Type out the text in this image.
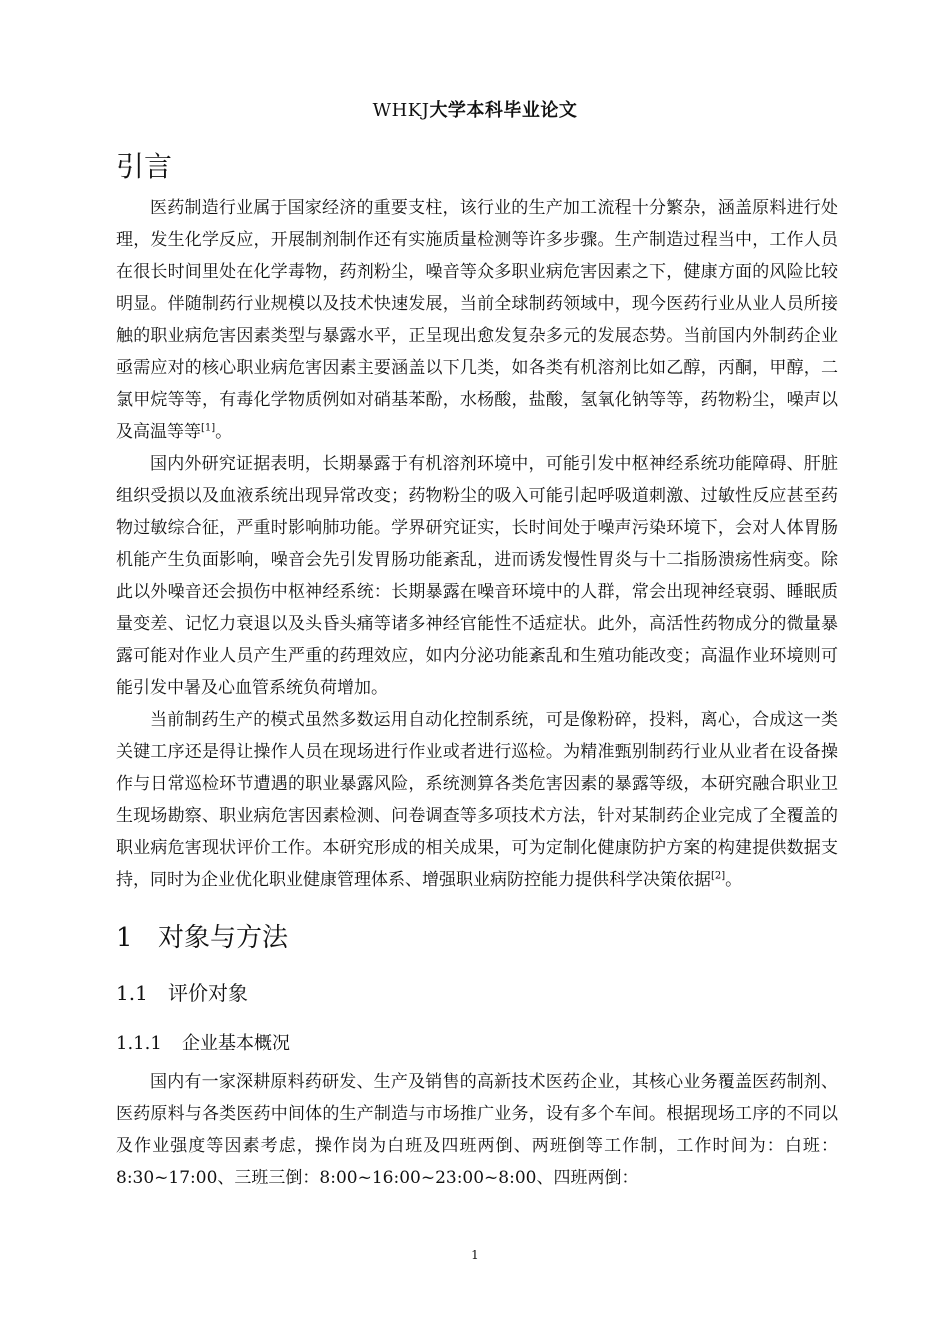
WHKJ大学本科毕业论文
引言

医药制造行业属于国家经济的重要支柱，该行业的生产加工流程十分繁杂，涵盖原料进行处理，发生化学反应，开展制剂制作还有实施质量检测等许多步骤。生产制造过程当中，工作人员在很长时间里处在化学毒物，药剂粉尘，噪音等众多职业病危害因素之下，健康方面的风险比较明显。伴随制药行业规模以及技术快速发展，当前全球制药领域中，现今医药行业从业人员所接触的职业病危害因素类型与暴露水平，正呈现出愈发复杂多元的发展态势。当前国内外制药企业亟需应对的核心职业病危害因素主要涵盖以下几类，如各类有机溶剂比如乙醇，丙酮，甲醇，二氯甲烷等等，有毒化学物质例如对硝基苯酚，水杨酸，盐酸，氢氧化钠等等，药物粉尘，噪声以及高温等等[1]。

国内外研究证据表明，长期暴露于有机溶剂环境中，可能引发中枢神经系统功能障碍、肝脏组织受损以及血液系统出现异常改变；药物粉尘的吸入可能引起呼吸道刺激、过敏性反应甚至药物过敏综合征，严重时影响肺功能。学界研究证实，长时间处于噪声污染环境下，会对人体胃肠机能产生负面影响，噪音会先引发胃肠功能紊乱，进而诱发慢性胃炎与十二指肠溃疡性病变。除此以外噪音还会损伤中枢神经系统：长期暴露在噪音环境中的人群，常会出现神经衰弱、睡眠质量变差、记忆力衰退以及头昏头痛等诸多神经官能性不适症状。此外，高活性药物成分的微量暴露可能对作业人员产生严重的药理效应，如内分泌功能紊乱和生殖功能改变；高温作业环境则可能引发中暑及心血管系统负荷增加。

当前制药生产的模式虽然多数运用自动化控制系统，可是像粉碎，投料，离心，合成这一类关键工序还是得让操作人员在现场进行作业或者进行巡检。为精准甄别制药行业从业者在设备操作与日常巡检环节遭遇的职业暴露风险，系统测算各类危害因素的暴露等级，本研究融合职业卫生现场勘察、职业病危害因素检测、问卷调查等多项技术方法，针对某制药企业完成了全覆盖的职业病危害现状评价工作。本研究形成的相关成果，可为定制化健康防护方案的构建提供数据支持，同时为企业优化职业健康管理体系、增强职业病防控能力提供科学决策依据[2]。

1 对象与方法
1.1 评价对象
1.1.1 企业基本概况

国内有一家深耕原料药研发、生产及销售的高新技术医药企业，其核心业务覆盖医药制剂、医药原料与各类医药中间体的生产制造与市场推广业务，设有多个车间。根据现场工序的不同以及作业强度等因素考虑，操作岗为白班及四班两倒、两班倒等工作制，工作时间为：白班：8:30~17:00、三班三倒：8:00~16:00~23:00~8:00、四班两倒：

1
